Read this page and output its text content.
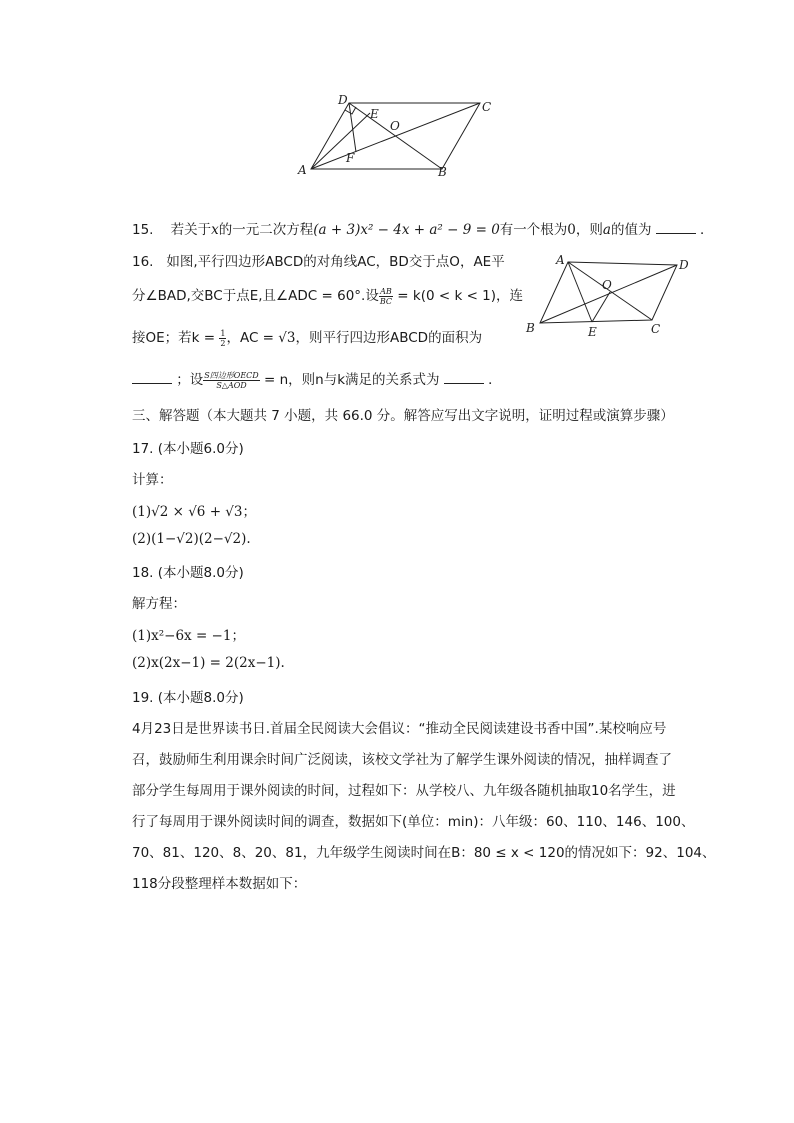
D	C
E
O
A
F
B
15. 若关于x的一元二次方程(a + 3)x² − 4x + a² − 9 = 0有一个根为0，则a的值为	．
16. 如图,平行四边形ABCD的对角线AC，BD交于点O，AE平
分∠BAD,交BC于点E,且∠ADC = 60°.设 $\frac{AB}{BC} = k(0 < k < 1)$，连
接OE；若$k = \frac{1}{2}$ ，AC = √3，则平行四边形ABCD的面积为
；设 $\frac{\text{S四边形OECD}}{\text{S△AOD}} = n$，则n与k满足的关系式为	．
A	D
O
B	E	C
三、解答题（本大题共 7 小题，共 66.0 分。解答应写出文字说明，证明过程或演算步骤）
17. (本小题6.0分)
计算：
(1)√2 × √6 + √3；
(2)(1−√2)(2−√2).
18. (本小题8.0分)
解方程：
(1)x²−6x = −1；
(2)x(2x−1) = 2(2x−1).
19. (本小题8.0分)
4月23日是世界读书日.首届全民阅读大会倡议：“推动全民阅读建设书香中国”.某校响应号
召，鼓励师生利用课余时间广泛阅读，该校文学社为了解学生课外阅读的情况，抽样调查了
部分学生每周用于课外阅读的时间，过程如下：从学校八、九年级各随机抽取10名学生，进
行了每周用于课外阅读时间的调查，数据如下(单位：min)：八年级：60、110、146、100、
70、81、120、8、20、81，九年级学生阅读时间在B：80 ≤ x < 120的情况如下：92、104、
118分段整理样本数据如下：
